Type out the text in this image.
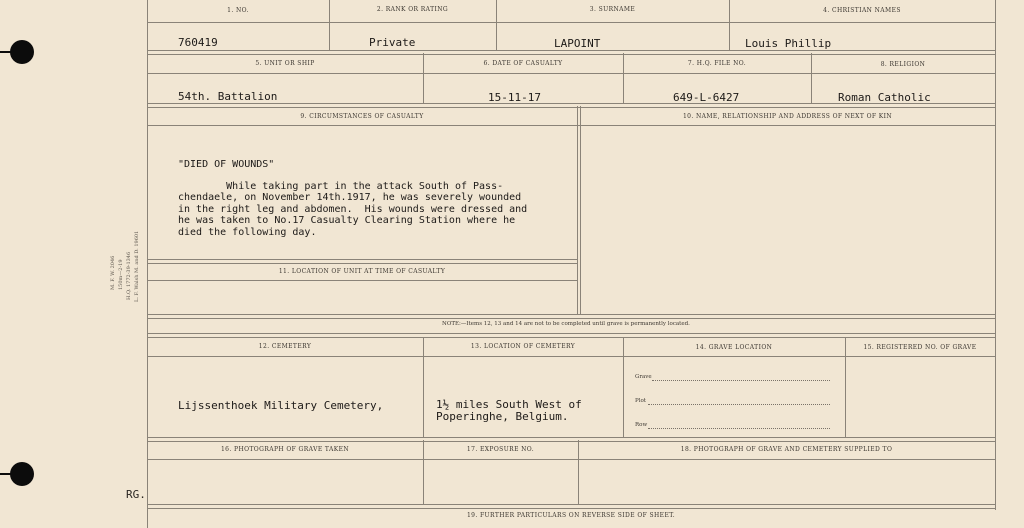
M. F. W. 2046 150m—2-19 H.Q. 1772-39-1346 L. F. Walsh M. and D. 19601
RG.
1. NO.	2. RANK OR RATING	3. SURNAME	4. CHRISTIAN NAMES
760419	Private	LAPOINT	Louis Phillip
5. UNIT OR SHIP	6. DATE OF CASUALTY	7. H.Q. FILE NO.	8. RELIGION
54th. Battalion	15-11-17	649-L-6427	Roman Catholic
9. CIRCUMSTANCES OF CASUALTY	10. NAME, RELATIONSHIP AND ADDRESS OF NEXT OF KIN
"DIED OF WOUNDS"
While taking part in the attack South of Pass-
chendaele, on November 14th.1917, he was severely wounded
in the right leg and abdomen.  His wounds were dressed and
he was taken to No.17 Casualty Clearing Station where he
died the following day.
11. LOCATION OF UNIT AT TIME OF CASUALTY
NOTE:—Items 12, 13 and 14 are not to be completed until grave is permanently located.
12. CEMETERY	13. LOCATION OF CEMETERY	14. GRAVE LOCATION	15. REGISTERED NO. OF GRAVE
Lijssenthoek Military Cemetery,	1½ miles South West of
Poperinghe, Belgium.
Grave
Plot
Row
16. PHOTOGRAPH OF GRAVE TAKEN	17. EXPOSURE NO.	18. PHOTOGRAPH OF GRAVE AND CEMETERY SUPPLIED TO
19. FURTHER PARTICULARS ON REVERSE SIDE OF SHEET.
